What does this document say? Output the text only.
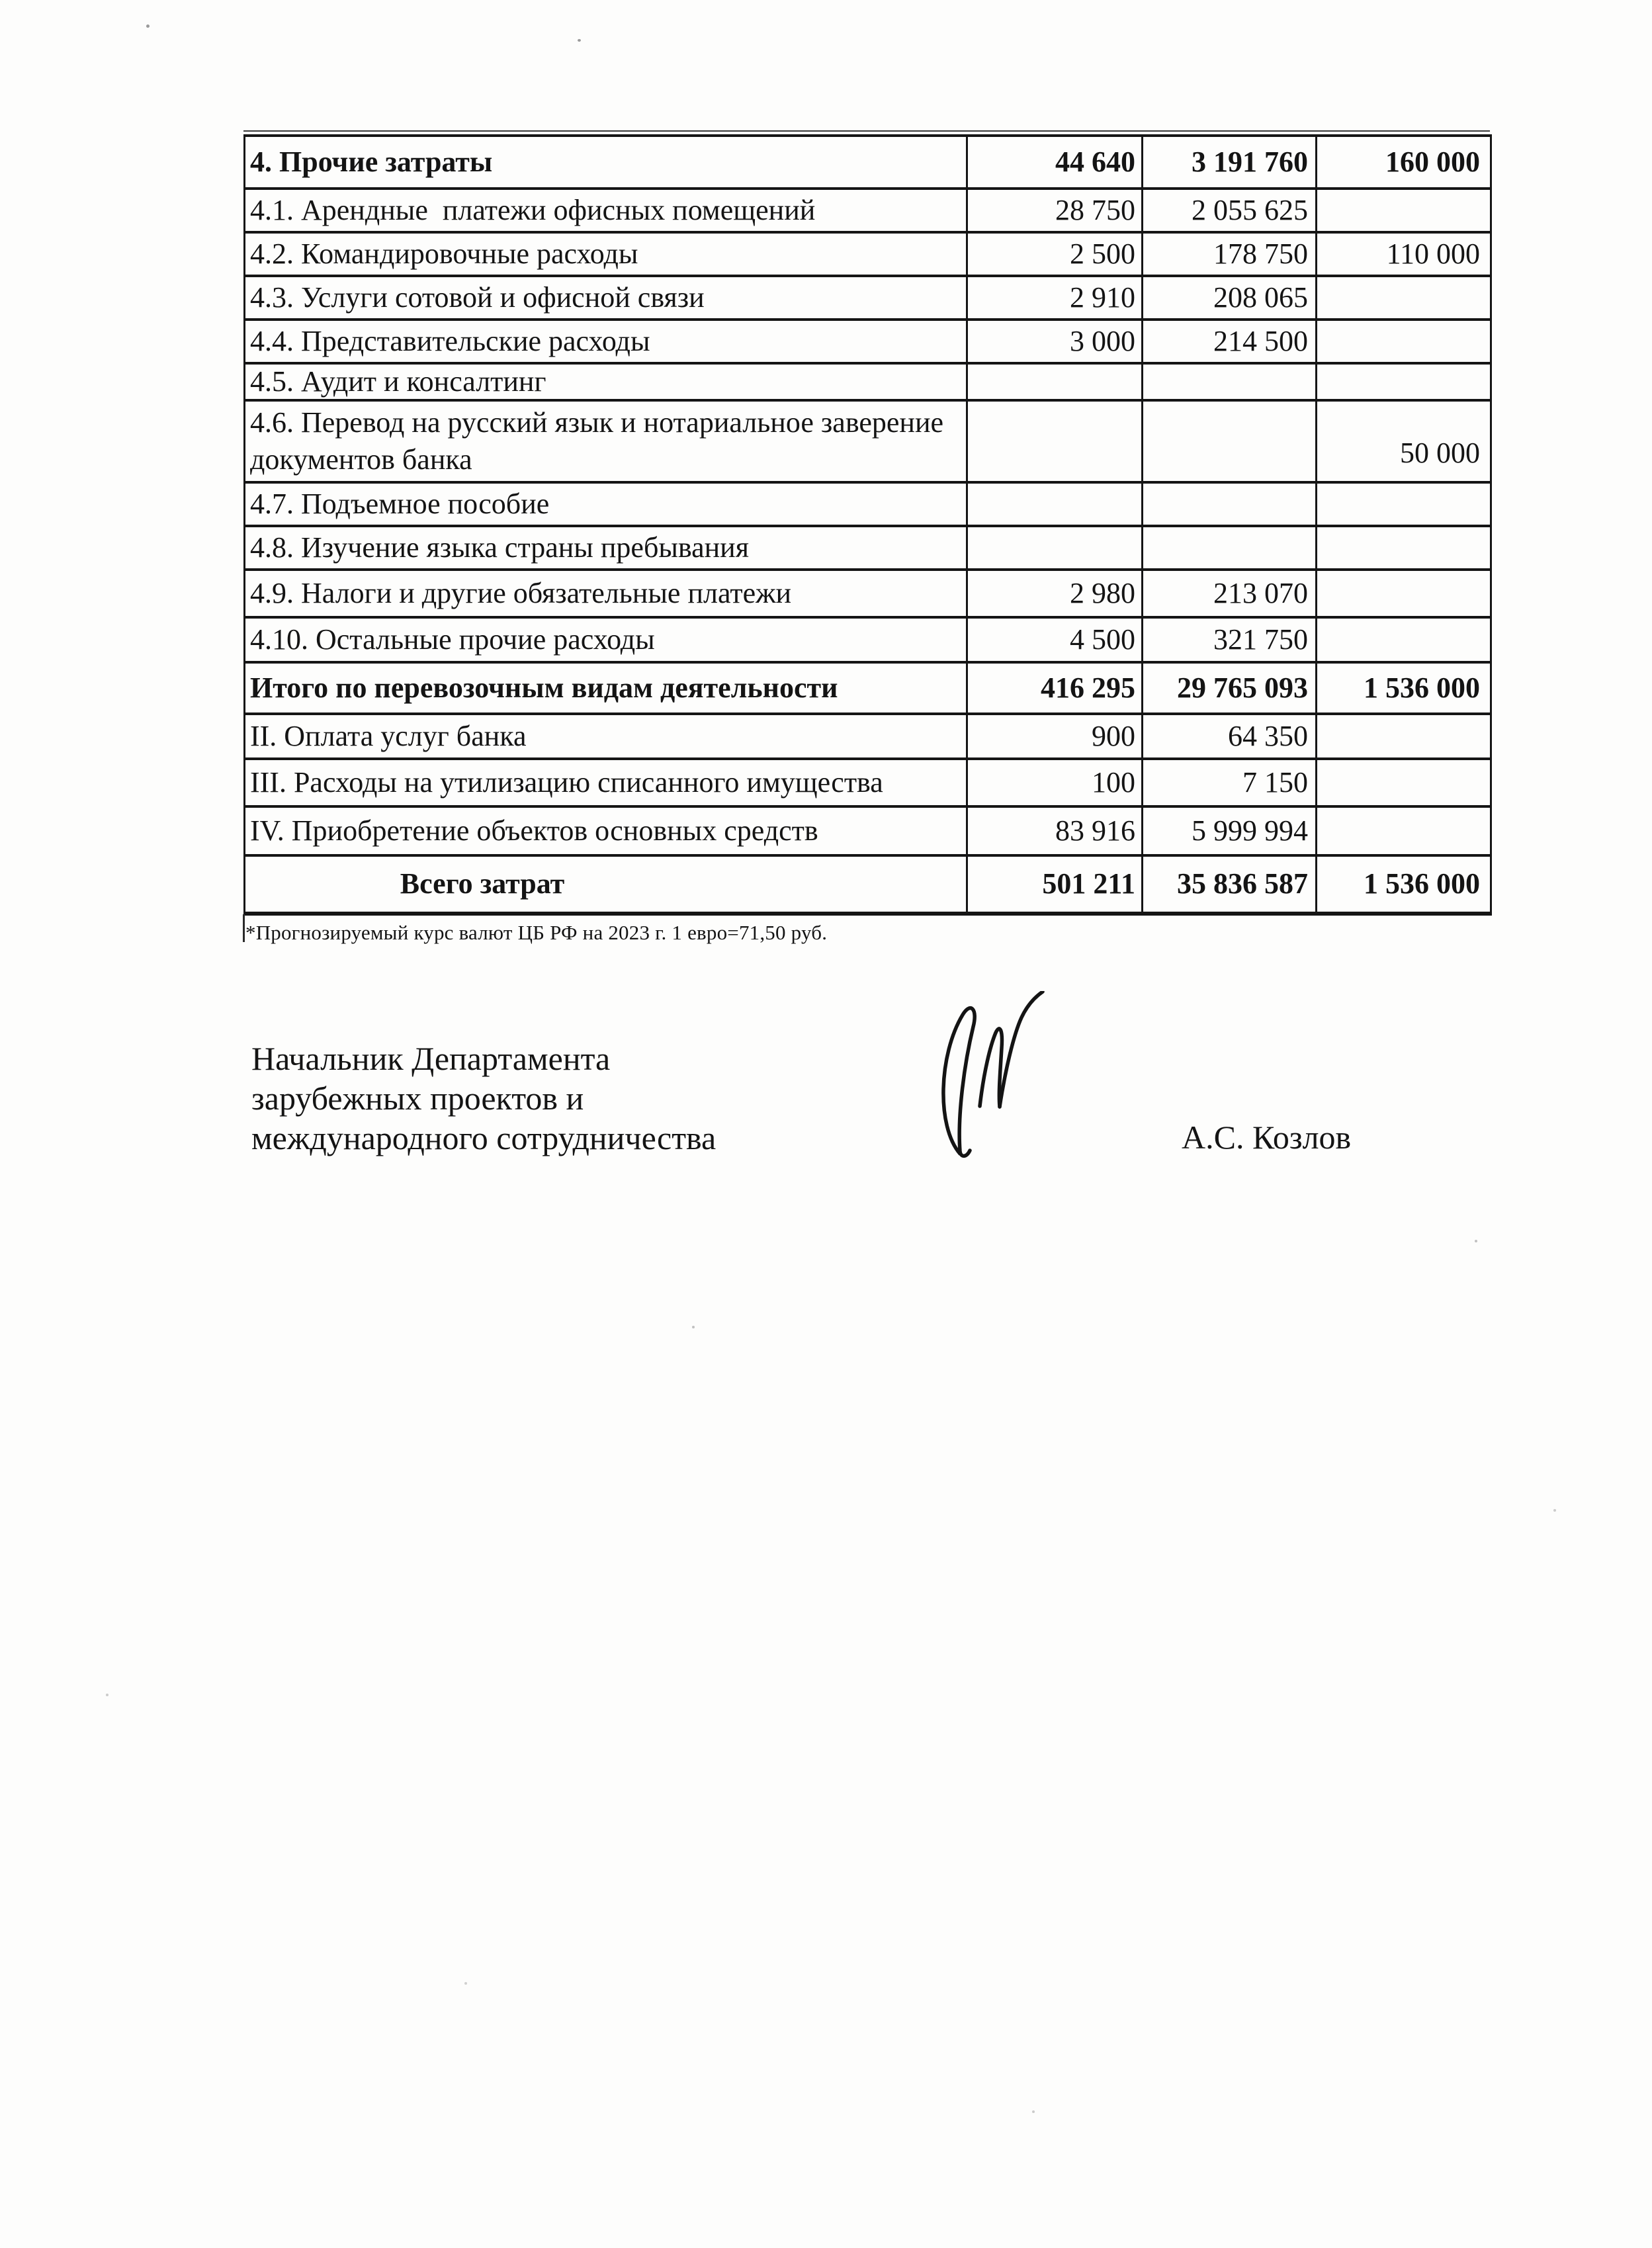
4. Прочие затраты	44 640	3 191 760	160 000
4.1. Арендные  платежи офисных помещений	28 750	2 055 625	
4.2. Командировочные расходы	2 500	178 750	110 000
4.3. Услуги сотовой и офисной связи	2 910	208 065	
4.4. Представительские расходы	3 000	214 500	
4.5. Аудит и консалтинг			
4.6. Перевод на русский язык и нотариальное заверение документов банка			50 000
4.7. Подъемное пособие			
4.8. Изучение языка страны пребывания			
4.9. Налоги и другие обязательные платежи	2 980	213 070	
4.10. Остальные прочие расходы	4 500	321 750	
Итого по перевозочным видам деятельности	416 295	29 765 093	1 536 000
II. Оплата услуг банка	900	64 350	
III. Расходы на утилизацию списанного имущества	100	7 150	
IV. Приобретение объектов основных средств	83 916	5 999 994	
Всего затрат	501 211	35 836 587	1 536 000
*Прогнозируемый курс валют ЦБ РФ на 2023 г. 1 евро=71,50 руб.
Начальник Департамента
зарубежных проектов и
международного сотрудничества	А.С. Козлов
